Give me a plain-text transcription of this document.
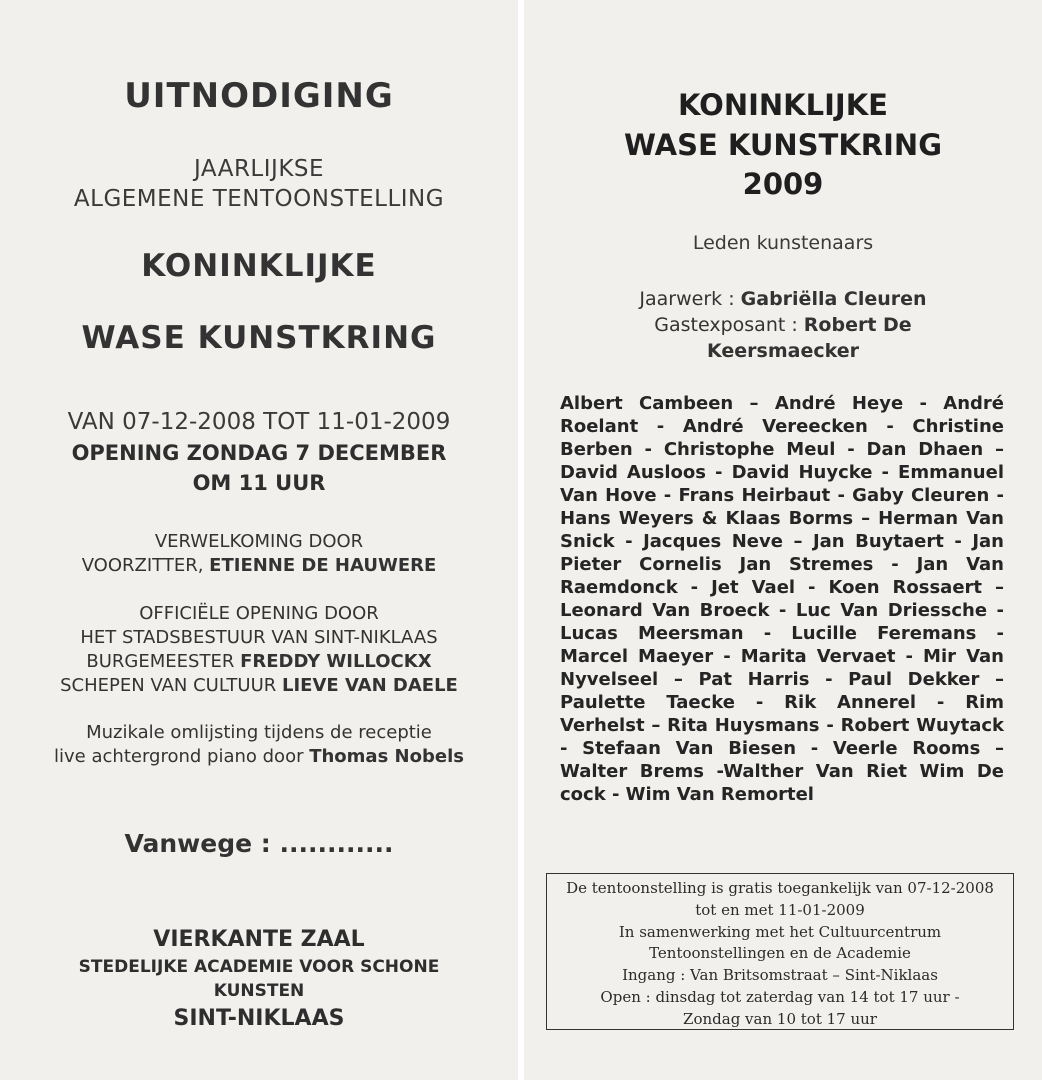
UITNODIGING
JAARLIJKSE
ALGEMENE TENTOONSTELLING
KONINKLIJKE
WASE KUNSTKRING
VAN 07-12-2008 TOT 11-01-2009
OPENING ZONDAG 7 DECEMBER
OM 11 UUR
VERWELKOMING DOOR
VOORZITTER, ETIENNE DE HAUWERE
OFFICIËLE OPENING DOOR
HET STADSBESTUUR VAN SINT-NIKLAAS
BURGEMEESTER FREDDY WILLOCKX
SCHEPEN VAN CULTUUR LIEVE VAN DAELE
Muzikale omlijsting tijdens de receptie
live achtergrond piano door Thomas Nobels
Vanwege : ............
VIERKANTE ZAAL
STEDELIJKE ACADEMIE VOOR SCHONE
KUNSTEN
SINT-NIKLAAS
KONINKLIJKE
WASE KUNSTKRING
2009
Leden kunstenaars
Jaarwerk : Gabriëlla Cleuren
Gastexposant : Robert De
Keersmaecker
Albert Cambeen – André Heye - André Roelant - André Vereecken - Christine Berben - Christophe Meul - Dan Dhaen – David Ausloos - David Huycke - Emmanuel Van Hove - Frans Heirbaut - Gaby Cleuren - Hans Weyers & Klaas Borms – Herman Van Snick - Jacques Neve – Jan Buytaert - Jan Pieter Cornelis Jan Stremes - Jan Van Raemdonck - Jet Vael - Koen Rossaert – Leonard Van Broeck - Luc Van Driessche - Lucas Meersman - Lucille Feremans - Marcel Maeyer - Marita Vervaet - Mir Van Nyvelseel – Pat Harris - Paul Dekker – Paulette Taecke - Rik Annerel - Rim Verhelst – Rita Huysmans - Robert Wuytack - Stefaan Van Biesen - Veerle Rooms – Walter Brems -Walther Van Riet Wim De cock - Wim Van Remortel
De tentoonstelling is gratis toegankelijk van 07-12-2008
tot en met 11-01-2009
In samenwerking met het Cultuurcentrum
Tentoonstellingen en de Academie
Ingang : Van Britsomstraat – Sint-Niklaas
Open : dinsdag tot zaterdag van 14 tot 17 uur -
Zondag van 10 tot 17 uur
